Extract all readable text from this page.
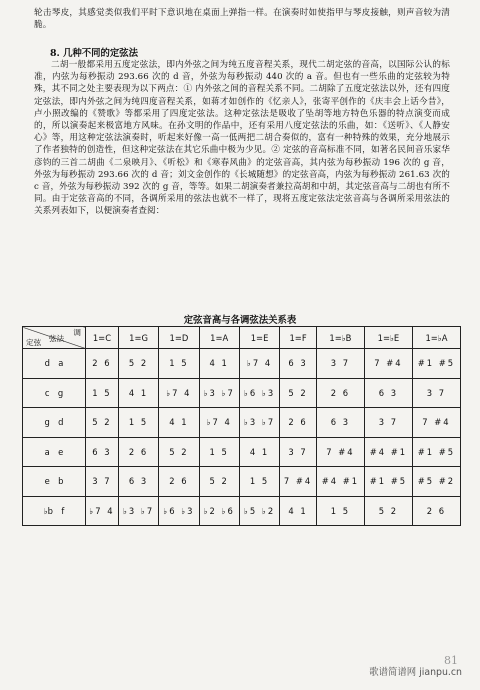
轮击琴皮，其感觉类似我们平时下意识地在桌面上弹指一样。在演奏时如使指甲与琴皮接触，则声音较为清脆。

8. 几种不同的定弦法

二胡一般都采用五度定弦法，即内外弦之间为纯五度音程关系，现代二胡定弦的音高，以国际公认的标准，内弦为每秒振动 293.66 次的 d 音，外弦为每秒振动 440 次的 a 音。但也有一些乐曲的定弦较为特殊，其不同之处主要表现为以下两点：① 内外弦之间的音程关系不同。二胡除了五度定弦法以外，还有四度定弦法，即内外弦之间为纯四度音程关系，如蒋才如创作的《忆亲人》，张寄平创作的《庆丰会上话今昔》，卢小照改编的《赞歌》等都采用了四度定弦法。这种定弦法是吸收了坠胡等地方特色乐器的特点演变而成的，所以演奏起来极富地方风味。在孙文明的作品中，还有采用八度定弦法的乐曲，如：《送听》、《人静安心》等，用这种定弦法演奏时，听起来好像一高一低两把二胡合奏似的，富有一种特殊的效果，充分地展示了作者独特的创造性，但这种定弦法在其它乐曲中极为少见。② 定弦的音高标准不同，如著名民间音乐家华彦钧的三首二胡曲《二泉映月》、《听松》和《寒春风曲》的定弦音高，其内弦为每秒振动 196 次的 g 音，外弦为每秒振动 293.66 次的 d 音；刘文金创作的《长城随想》的定弦音高，内弦为每秒振动 261.63 次的 c 音，外弦为每秒振动 392 次的 g 音，等等。如果二胡演奏者兼拉高胡和中胡，其定弦音高与二胡也有所不同。由于定弦音高的不同，各调所采用的弦法也就不一样了，现将五度定弦法定弦音高与各调所采用弦法的关系列表如下，以便演奏者查阅：

定弦音高与各调弦法关系表
调
弦法
定弦	1=C	1=G	1=D	1=A	1=E	1=F	1=♭B	1=♭E	1=♭A
d　a	2 6	5 2	1 5	4 1	♭7 4	6 3	3 7	7 #4	#1 #5
c　g	1 5	4 1	♭7 4	♭3 ♭7	♭6 ♭3	5 2	2 6	6 3	3 7
g　d	5 2	1 5	4 1	♭7 4	♭3 ♭7	2 6	6 3	3 7	7 #4
a　e	6 3	2 6	5 2	1 5	4 1	3 7	7 #4	#4 #1	#1 #5
e　b	3 7	6 3	2 6	5 2	1 5	7 #4	#4 #1	#1 #5	#5 #2
♭b　f	♭7 4	♭3 ♭7	♭6 ♭3	♭2 ♭6	♭5 ♭2	4 1	1 5	5 2	2 6
81
歌谱简谱网 jianpu.cn
